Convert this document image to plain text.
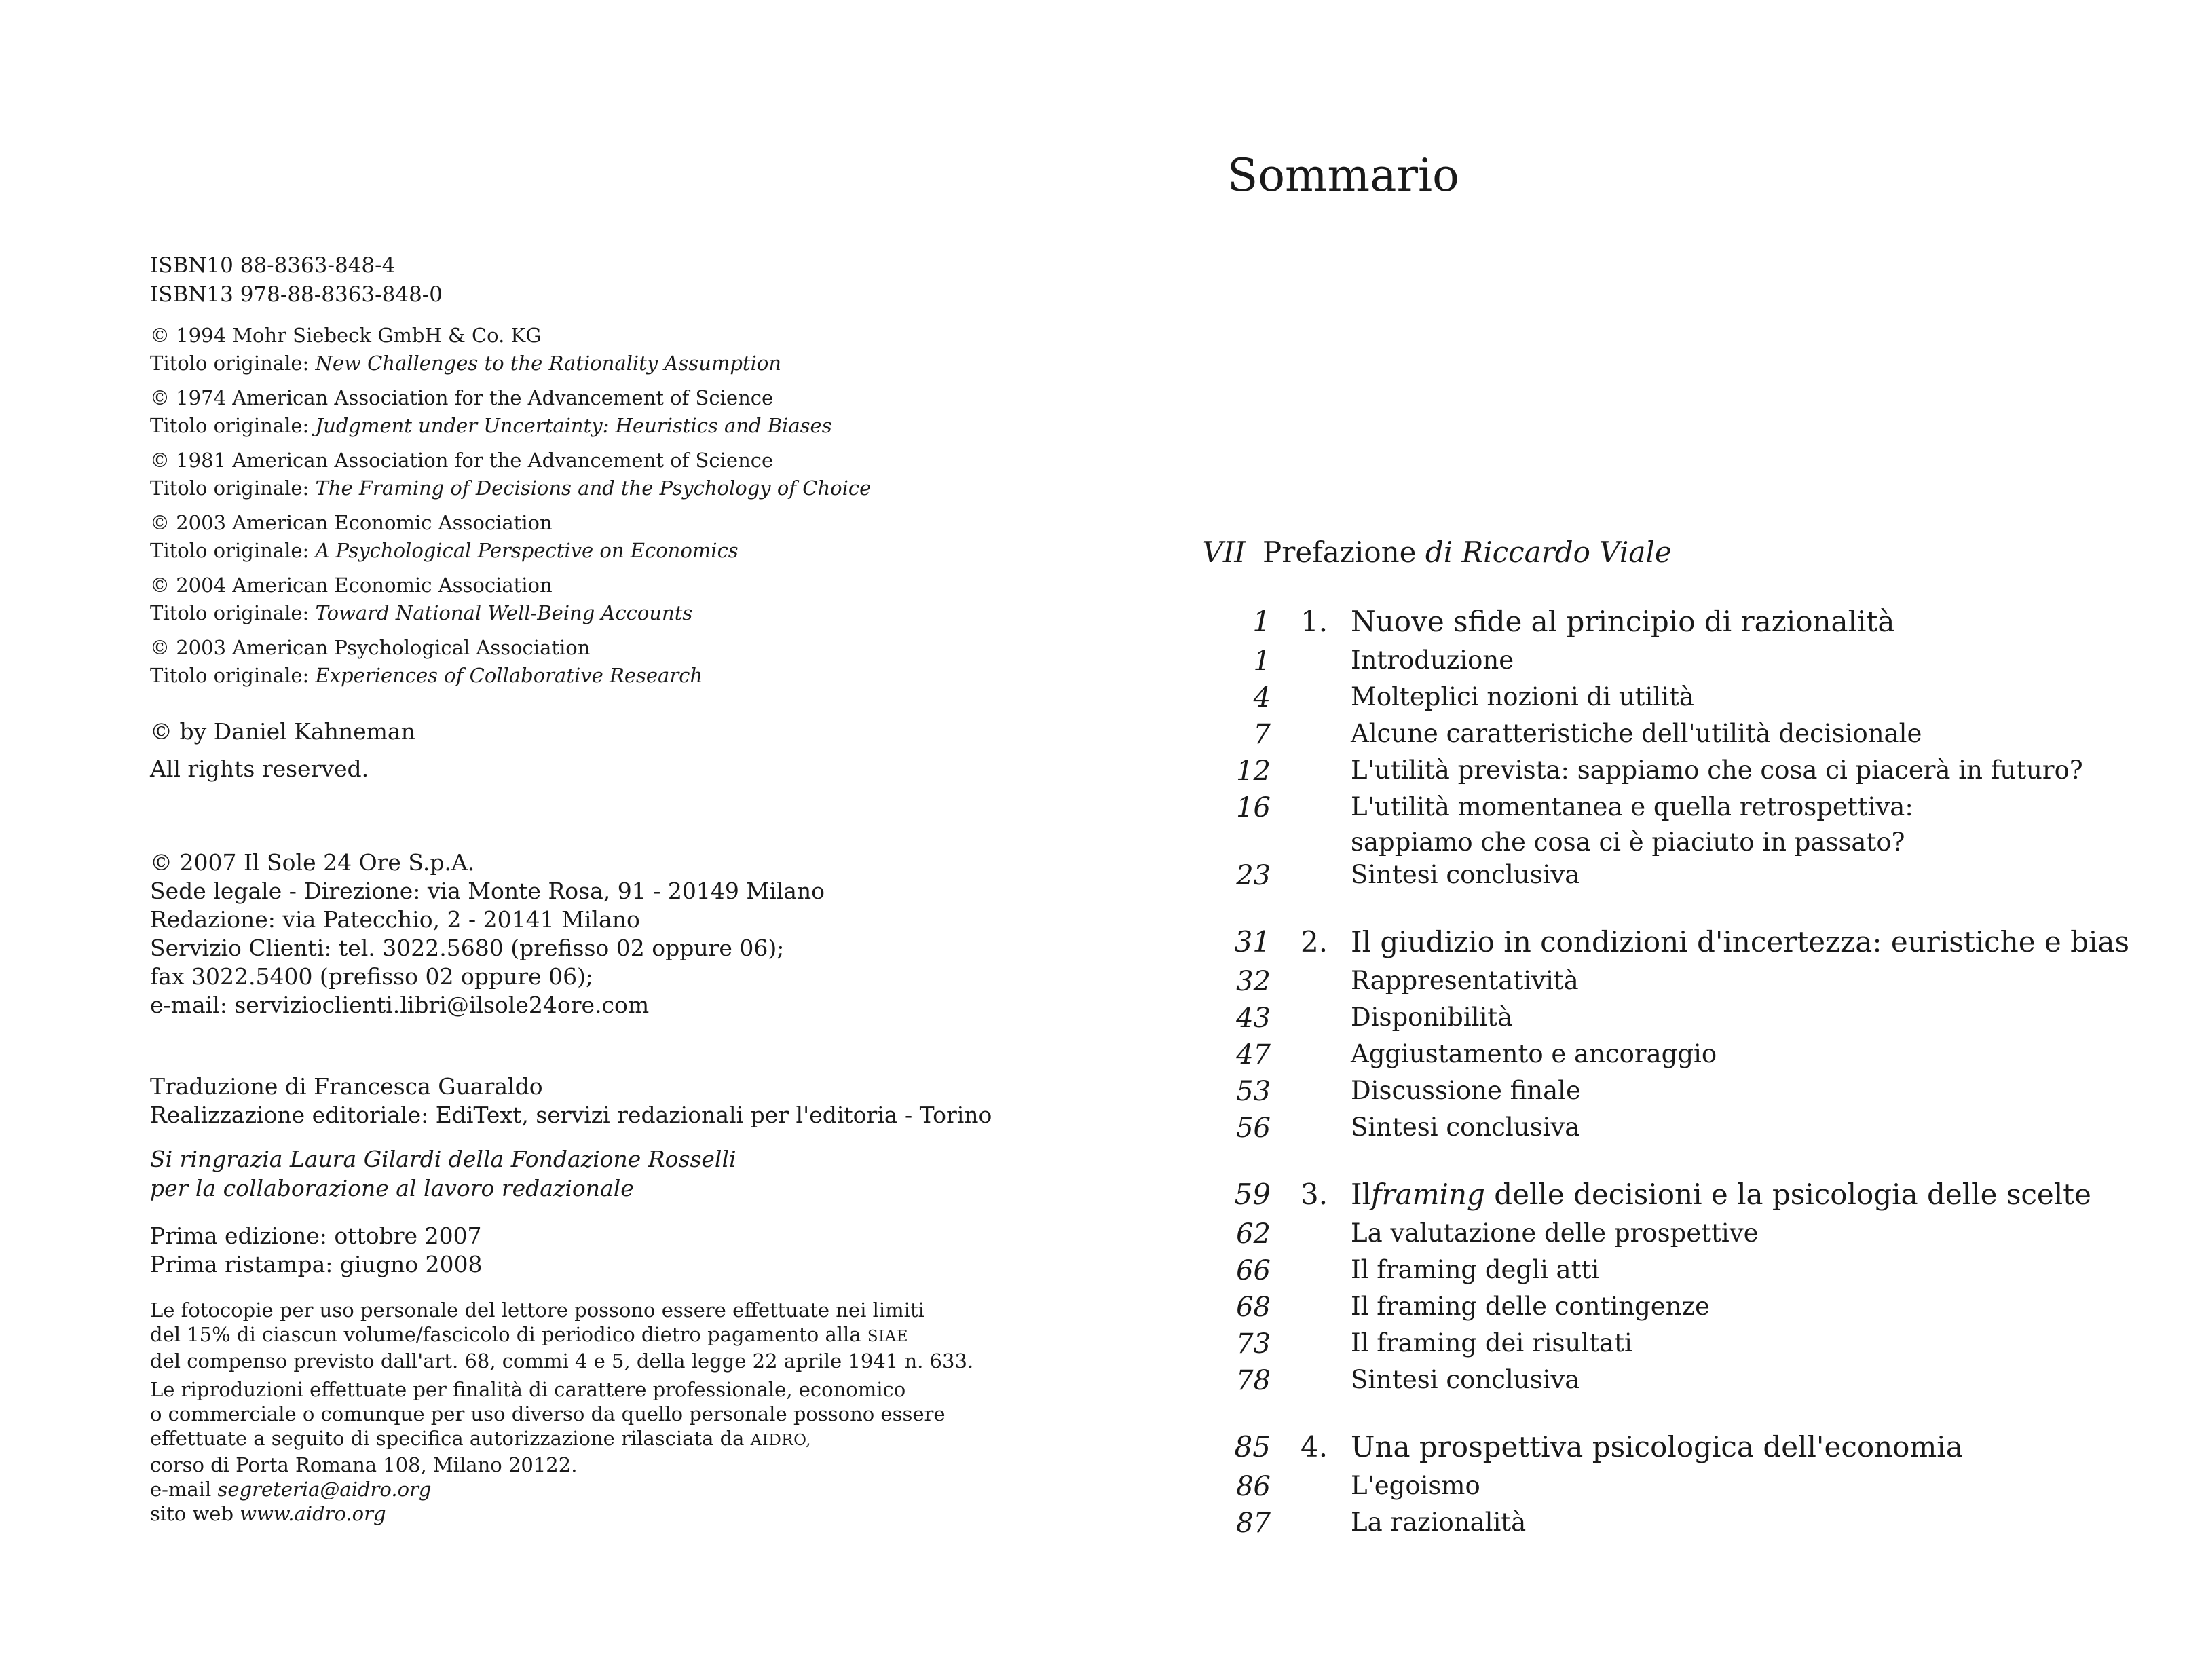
ISBN10 88-8363-848-4
ISBN13 978-88-8363-848-0
© 1994 Mohr Siebeck GmbH & Co. KG
Titolo originale: New Challenges to the Rationality Assumption
© 1974 American Association for the Advancement of Science
Titolo originale: Judgment under Uncertainty: Heuristics and Biases
© 1981 American Association for the Advancement of Science
Titolo originale: The Framing of Decisions and the Psychology of Choice
© 2003 American Economic Association
Titolo originale: A Psychological Perspective on Economics
© 2004 American Economic Association
Titolo originale: Toward National Well-Being Accounts
© 2003 American Psychological Association
Titolo originale: Experiences of Collaborative Research
© by Daniel Kahneman
All rights reserved.
© 2007 Il Sole 24 Ore S.p.A.
Sede legale - Direzione: via Monte Rosa, 91 - 20149 Milano
Redazione: via Patecchio, 2 - 20141 Milano
Servizio Clienti: tel. 3022.5680 (prefisso 02 oppure 06);
fax 3022.5400 (prefisso 02 oppure 06);
e-mail: servizioclienti.libri@ilsole24ore.com
Traduzione di Francesca Guaraldo
Realizzazione editoriale: EdiText, servizi redazionali per l'editoria - Torino
Si ringrazia Laura Gilardi della Fondazione Rosselli
per la collaborazione al lavoro redazionale
Prima edizione: ottobre 2007
Prima ristampa: giugno 2008
Le fotocopie per uso personale del lettore possono essere effettuate nei limiti
del 15% di ciascun volume/fascicolo di periodico dietro pagamento alla SIAE
del compenso previsto dall'art. 68, commi 4 e 5, della legge 22 aprile 1941 n. 633.
Le riproduzioni effettuate per finalità di carattere professionale, economico
o commerciale o comunque per uso diverso da quello personale possono essere
effettuate a seguito di specifica autorizzazione rilasciata da AIDRO,
corso di Porta Romana 108, Milano 20122.
e-mail segreteria@aidro.org
sito web www.aidro.org
Sommario
VII Prefazione di Riccardo Viale
1 1. Nuove sfide al principio di razionalità
1	Introduzione
4	Molteplici nozioni di utilità
7	Alcune caratteristiche dell'utilità decisionale
12	L'utilità prevista: sappiamo che cosa ci piacerà in futuro?
16	L'utilità momentanea e quella retrospettiva:
sappiamo che cosa ci è piaciuto in passato?
23	Sintesi conclusiva
31 2. Il giudizio in condizioni d'incertezza: euristiche e bias
32	Rappresentatività
43	Disponibilità
47	Aggiustamento e ancoraggio
53	Discussione finale
56	Sintesi conclusiva
59 3. Ilframing delle decisioni e la psicologia delle scelte
62	La valutazione delle prospettive
66	Il framing degli atti
68	Il framing delle contingenze
73	Il framing dei risultati
78	Sintesi conclusiva
85 4. Una prospettiva psicologica dell'economia
86	L'egoismo
87	La razionalità
